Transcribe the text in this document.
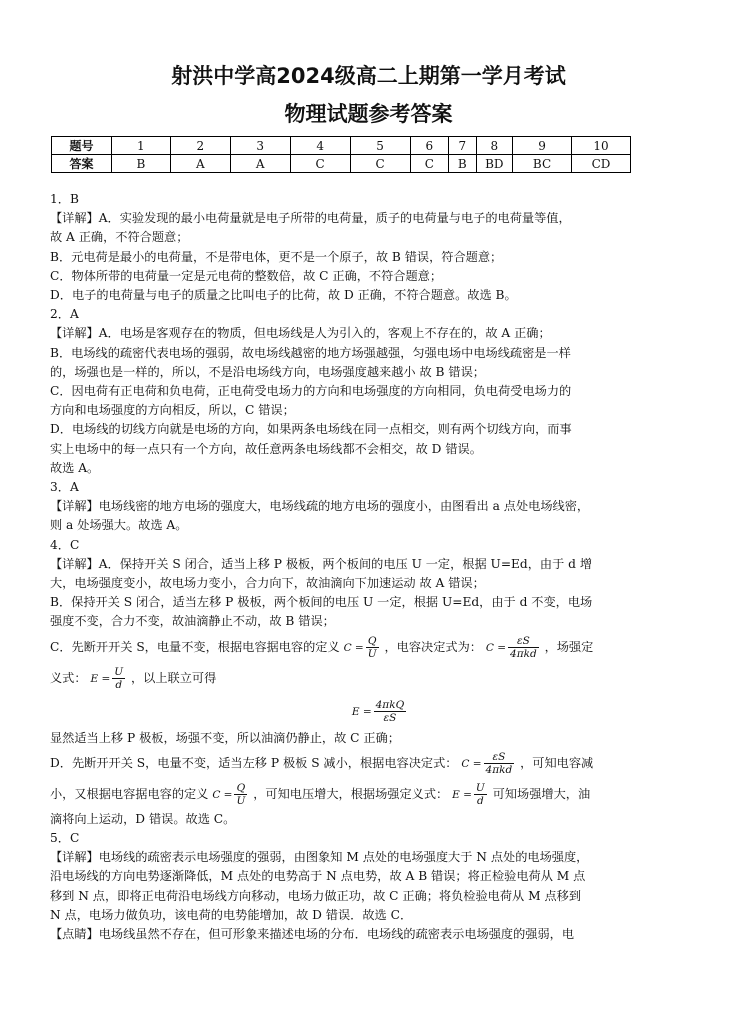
射洪中学高2024级高二上期第一学月考试
物理试题参考答案
题号	1	2	3	4	5	6	7	8	9	10
答案	B	A	A	C	C	C	B	BD	BC	CD

1．B

【详解】A．实验发现的最小电荷量就是电子所带的电荷量，质子的电荷量与电子的电荷量等值，

故 A 正确，不符合题意；

B．元电荷是最小的电荷量，不是带电体，更不是一个原子，故 B 错误，符合题意；

C．物体所带的电荷量一定是元电荷的整数倍，故 C 正确，不符合题意；

D．电子的电荷量与电子的质量之比叫电子的比荷，故 D 正确，不符合题意。故选 B。

2．A

【详解】A．电场是客观存在的物质，但电场线是人为引入的，客观上不存在的，故 A 正确；

B．电场线的疏密代表电场的强弱，故电场线越密的地方场强越强，匀强电场中电场线疏密是一样

的，场强也是一样的，所以，不是沿电场线方向，电场强度越来越小 故 B 错误；

C．因电荷有正电荷和负电荷，正电荷受电场力的方向和电场强度的方向相同，负电荷受电场力的

方向和电场强度的方向相反，所以，C 错误；

D．电场线的切线方向就是电场的方向，如果两条电场线在同一点相交，则有两个切线方向，而事

实上电场中的每一点只有一个方向，故任意两条电场线都不会相交，故 D 错误。

故选 A。

3．A

【详解】电场线密的地方电场的强度大，电场线疏的地方电场的强度小，由图看出 a 点处电场线密，

则 a 处场强大。故选 A。

4．C

【详解】A．保持开关 S 闭合，适当上移 P 极板，两个板间的电压 U 一定，根据 U=Ed，由于 d 增

大，电场强度变小，故电场力变小，合力向下，故油滴向下加速运动 故 A 错误；

B．保持开关 S 闭合，适当左移 P 极板，两个板间的电压 U 一定，根据 U=Ed，由于 d 不变，电场

强度不变，合力不变，故油滴静止不动，故 B 错误；

C．先断开开关 S，电量不变，根据电容据电容的定义 $C = \frac{Q}{U}$ ，电容决定式为： $C = \frac{\varepsilon S}{\text{4πkd}}$ ，场强定

义式： $E = \frac{U}{d}$ ，以上联立可得

$E = \frac{\text{4πkQ}}{\varepsilon S}$

显然适当上移 P 极板，场强不变，所以油滴仍静止，故 C 正确；

D．先断开开关 S，电量不变，适当左移 P 极板 S 减小，根据电容决定式： $C = \frac{\varepsilon S}{\text{4πkd}}$ ，可知电容减

小，又根据电容据电容的定义 $C = \frac{Q}{U}$ ，可知电压增大，根据场强定义式： $E = \frac{U}{d}$ 可知场强增大，油

滴将向上运动，D 错误。故选 C。

5．C

【详解】电场线的疏密表示电场强度的强弱，由图象知 M 点处的电场强度大于 N 点处的电场强度，

沿电场线的方向电势逐渐降低，M 点处的电势高于 N 点电势，故 A B 错误；将正检验电荷从 M 点

移到 N 点，即将正电荷沿电场线方向移动，电场力做正功，故 C 正确；将负检验电荷从 M 点移到

N 点，电场力做负功，该电荷的电势能增加，故 D 错误．故选 C．

【点睛】电场线虽然不存在，但可形象来描述电场的分布．电场线的疏密表示电场强度的强弱，电
